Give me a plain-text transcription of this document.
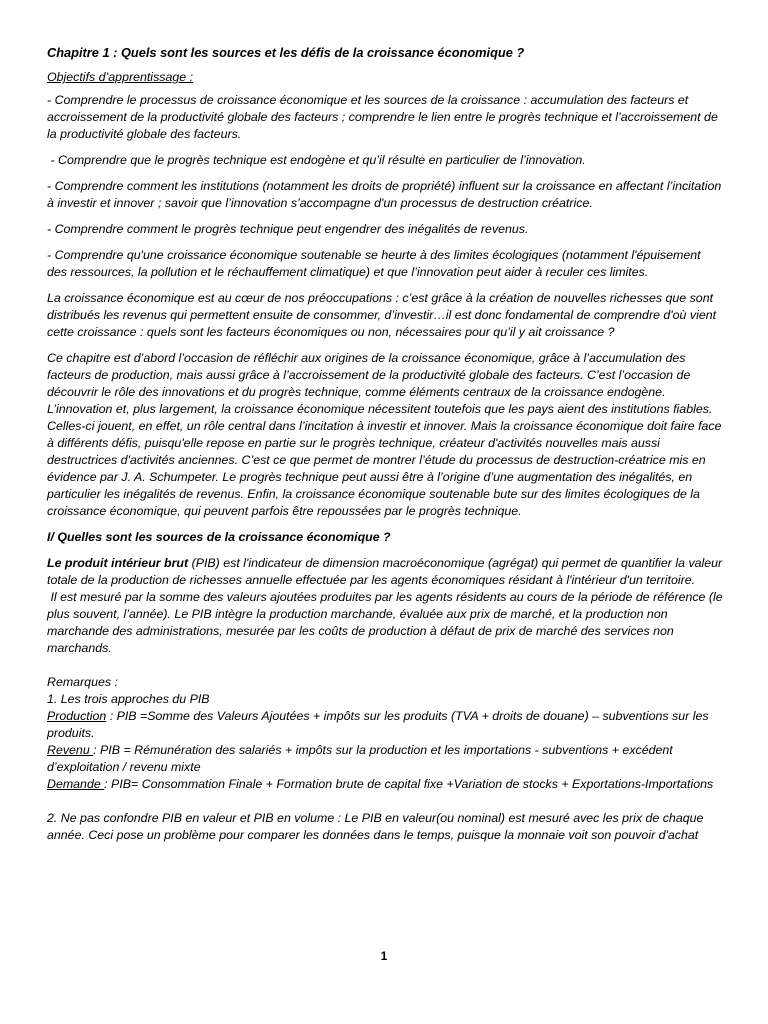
Chapitre 1 : Quels sont les sources et les défis de la croissance économique ?

Objectifs d’apprentissage :

- Comprendre le processus de croissance économique et les sources de la croissance : accumulation des facteurs et accroissement de la productivité globale des facteurs ; comprendre le lien entre le progrès technique et l’accroissement de la productivité globale des facteurs.

- Comprendre que le progrès technique est endogène et qu’il résulte en particulier de l’innovation.

- Comprendre comment les institutions (notamment les droits de propriété) influent sur la croissance en affectant l’incitation à investir et innover ; savoir que l’innovation s’accompagne d'un processus de destruction créatrice.

- Comprendre comment le progrès technique peut engendrer des inégalités de revenus.

- Comprendre qu'une croissance économique soutenable se heurte à des limites écologiques (notamment l'épuisement des ressources, la pollution et le réchauffement climatique) et que l’innovation peut aider à reculer ces limites.

La croissance économique est au cœur de nos préoccupations : c’est grâce à la création de nouvelles richesses que sont distribués les revenus qui permettent ensuite de consommer, d’investir…il est donc fondamental de comprendre d'où vient cette croissance : quels sont les facteurs économiques ou non, nécessaires pour qu’il y ait croissance ?

Ce chapitre est d’abord l’occasion de réfléchir aux origines de la croissance économique, grâce à l’accumulation des facteurs de production, mais aussi grâce à l’accroissement de la productivité globale des facteurs. C’est l’occasion de découvrir le rôle des innovations et du progrès technique, comme éléments centraux de la croissance endogène. L’innovation et, plus largement, la croissance économique nécessitent toutefois que les pays aient des institutions fiables. Celles-ci jouent, en effet, un rôle central dans l’incitation à investir et innover. Mais la croissance économique doit faire face à différents défis, puisqu'elle repose en partie sur le progrès technique, créateur d'activités nouvelles mais aussi destructrices d'activités anciennes. C’est ce que permet de montrer l’étude du processus de destruction-créatrice mis en évidence par J. A. Schumpeter. Le progrès technique peut aussi être à l’origine d’une augmentation des inégalités, en particulier les inégalités de revenus. Enfin, la croissance économique soutenable bute sur des limites écologiques de la croissance économique, qui peuvent parfois être repoussées par le progrès technique.

I/ Quelles sont les sources de la croissance économique ?

Le produit intérieur brut (PIB) est l'indicateur de dimension macroéconomique (agrégat) qui permet de quantifier la valeur totale de la production de richesses annuelle effectuée par les agents économiques résidant à l'intérieur d'un territoire.

Il est mesuré par la somme des valeurs ajoutées produites par les agents résidents au cours de la période de référence (le plus souvent, l’année). Le PIB intègre la production marchande, évaluée aux prix de marché, et la production non marchande des administrations, mesurée par les coûts de production à défaut de prix de marché des services non marchands.

Remarques :

1. Les trois approches du PIB

Production : PIB =Somme des Valeurs Ajoutées + impôts sur les produits (TVA + droits de douane) – subventions sur les produits.

Revenu : PIB = Rémunération des salariés + impôts sur la production et les importations - subventions + excédent d’exploitation / revenu mixte

Demande : PIB= Consommation Finale + Formation brute de capital fixe +Variation de stocks + Exportations-Importations

2. Ne pas confondre PIB en valeur et PIB en volume : Le PIB en valeur(ou nominal) est mesuré avec les prix de chaque année. Ceci pose un problème pour comparer les données dans le temps, puisque la monnaie voit son pouvoir d'achat

1
